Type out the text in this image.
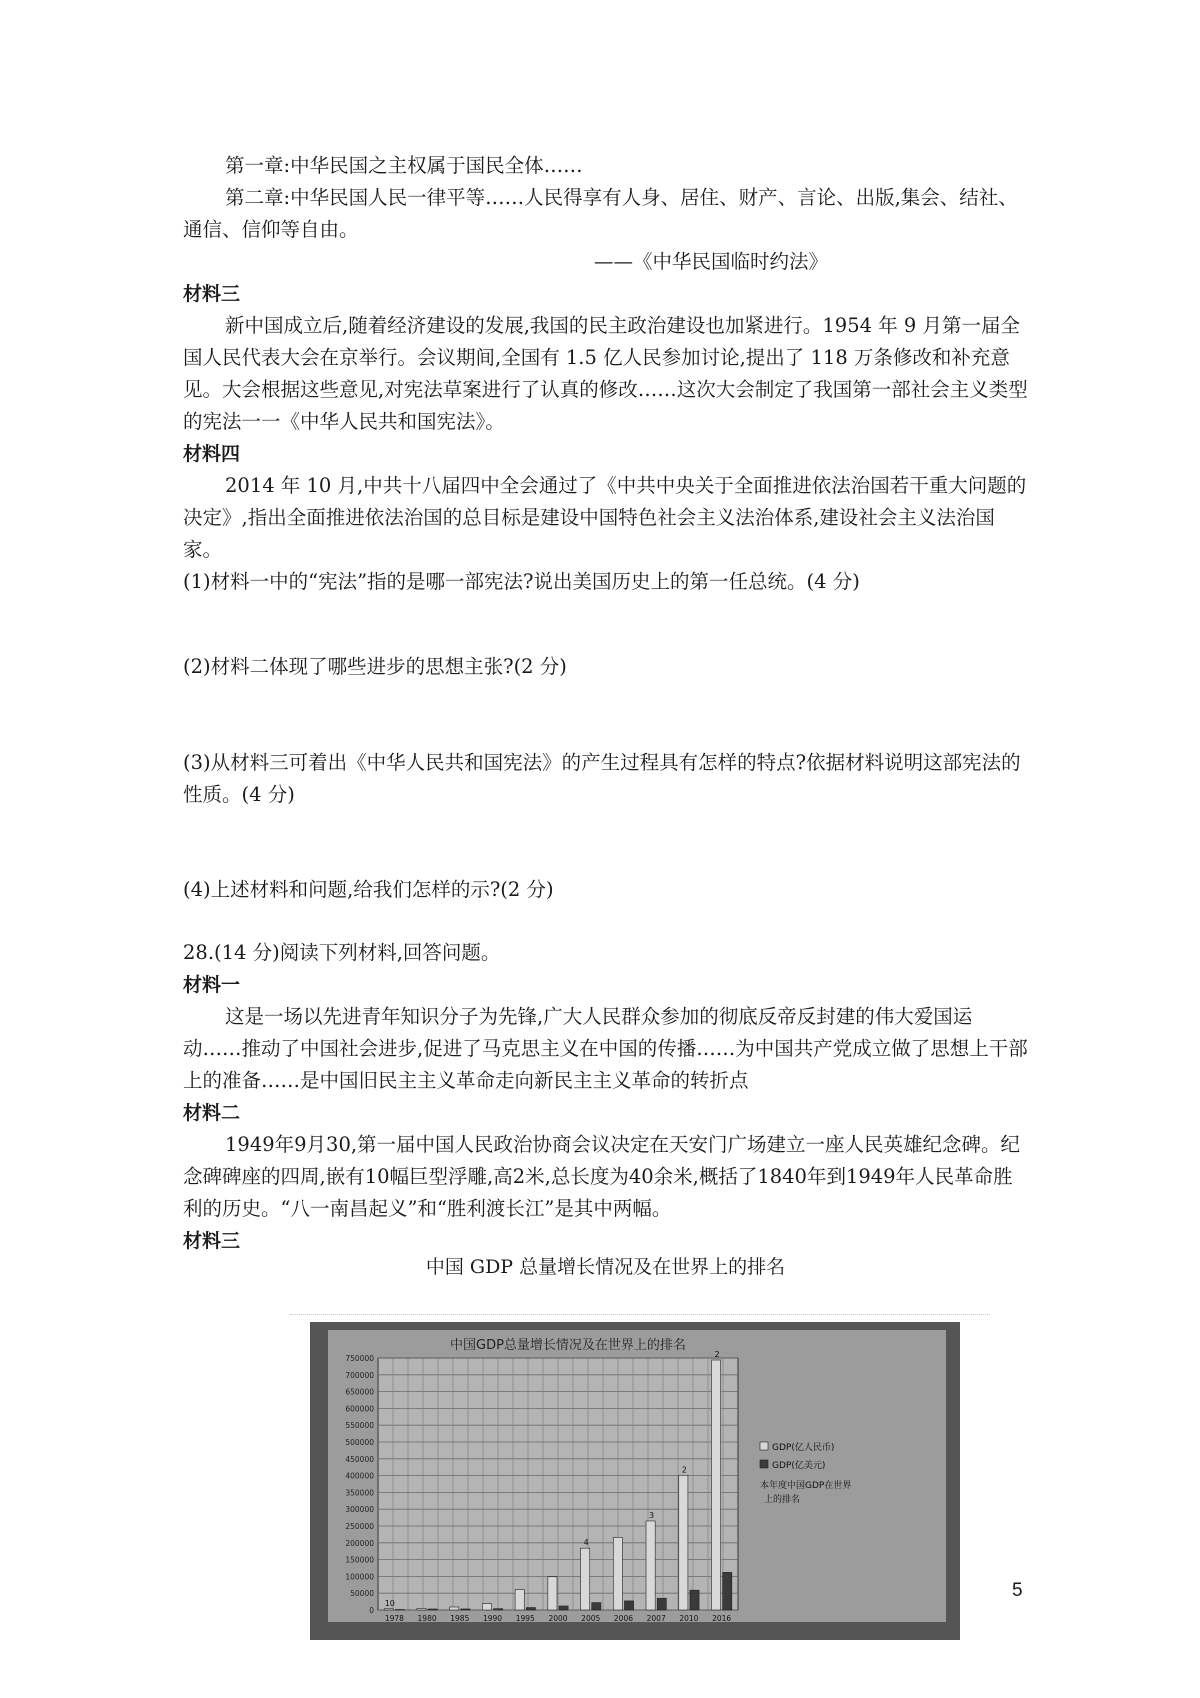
第一章:中华民国之主权属于国民全体……

第二章:中华民国人民一律平等……人民得享有人身、居住、财产、言论、出版,集会、结社、通信、信仰等自由。

——《中华民国临时约法》

材料三

新中国成立后,随着经济建设的发展,我国的民主政治建设也加紧进行。1954 年 9 月第一届全国人民代表大会在京举行。会议期间,全国有 1.5 亿人民参加讨论,提出了 118 万条修改和补充意见。大会根据这些意见,对宪法草案进行了认真的修改……这次大会制定了我国第一部社会主义类型的宪法一一《中华人民共和国宪法》。

材料四

2014 年 10 月,中共十八届四中全会通过了《中共中央关于全面推进依法治国若干重大问题的决定》,指出全面推进依法治国的总目标是建设中国特色社会主义法治体系,建设社会主义法治国家。

(1)材料一中的“宪法”指的是哪一部宪法?说出美国历史上的第一任总统。(4 分)

(2)材料二体现了哪些进步的思想主张?(2 分)

(3)从材料三可着出《中华人民共和国宪法》的产生过程具有怎样的特点?依据材料说明这部宪法的性质。(4 分)

(4)上述材料和问题,给我们怎样的示?(2 分)

28.(14 分)阅读下列材料,回答问题。

材料一

这是一场以先进青年知识分子为先锋,广大人民群众参加的彻底反帝反封建的伟大爱国运动……推动了中国社会进步,促进了马克思主义在中国的传播……为中国共产党成立做了思想上干部上的准备……是中国旧民主主义革命走向新民主主义革命的转折点

材料二

1949年9月30,第一届中国人民政治协商会议决定在天安门广场建立一座人民英雄纪念碑。纪念碑碑座的四周,嵌有10幅巨型浮雕,高2米,总长度为40余米,概括了1840年到1949年人民革命胜利的历史。“八一南昌起义”和“胜利渡长江”是其中两幅。

材料三

中国 GDP 总量增长情况及在世界上的排名
中国GDP总量增长情况及在世界上的排名
0
50000
100000
150000
200000
250000
300000
350000
400000
450000
500000
550000
600000
650000
700000
750000
10
1978 1980 1985 1990 1995 2000
4
2005 2006
3
2007
2
2010
2
2016
GDP(亿人民币)
GDP(亿美元)
本年度中国GDP在世界
上的排名
5
